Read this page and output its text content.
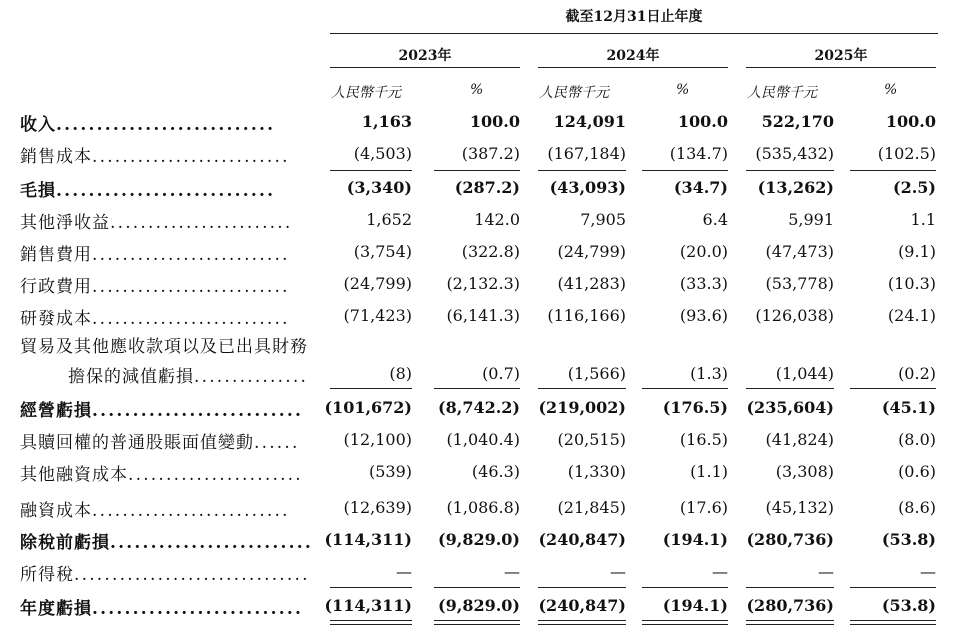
截至12月31日止年度
2023年	2024年	2025年
人民幣千元	%	人民幣千元	%	人民幣千元	%
收入...........................	1,163	100.0	124,091	100.0	522,170	100.0
銷售成本..........................	(4,503)	(387.2)	(167,184)	(134.7)	(535,432)	(102.5)
毛損...........................	(3,340)	(287.2)	(43,093)	(34.7)	(13,262)	(2.5)
其他淨收益........................	1,652	142.0	7,905	6.4	5,991	1.1
銷售費用..........................	(3,754)	(322.8)	(24,799)	(20.0)	(47,473)	(9.1)
行政費用..........................	(24,799)	(2,132.3)	(41,283)	(33.3)	(53,778)	(10.3)
研發成本..........................	(71,423)	(6,141.3)	(116,166)	(93.6)	(126,038)	(24.1)
貿易及其他應收款項以及已出具財務
擔保的減值虧損...............	(8)	(0.7)	(1,566)	(1.3)	(1,044)	(0.2)
經營虧損..........................	(101,672)	(8,742.2)	(219,002)	(176.5)	(235,604)	(45.1)
具贖回權的普通股賬面值變動......	(12,100)	(1,040.4)	(20,515)	(16.5)	(41,824)	(8.0)
其他融資成本.......................	(539)	(46.3)	(1,330)	(1.1)	(3,308)	(0.6)
融資成本..........................	(12,639)	(1,086.8)	(21,845)	(17.6)	(45,132)	(8.6)
除稅前虧損......................... (114,311)	(9,829.0)	(240,847)	(194.1)	(280,736)	(53.8)
所得稅...............................	—	—	—	—	—	—
年度虧損..........................	(114,311)	(9,829.0)	(240,847)	(194.1)	(280,736)	(53.8)
